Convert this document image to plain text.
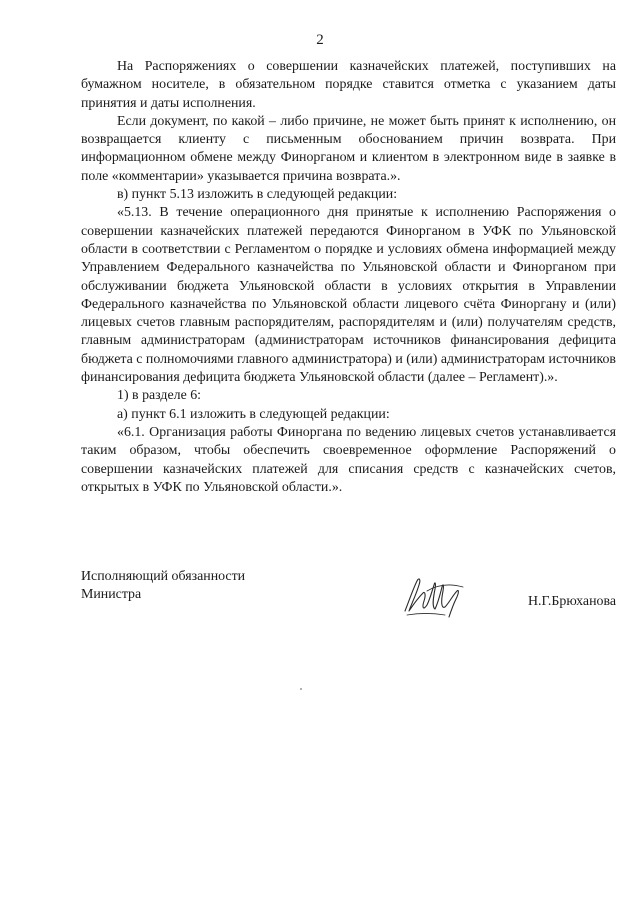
2

На Распоряжениях о совершении казначейских платежей, поступивших на бумажном носителе, в обязательном порядке ставится отметка с указанием даты принятия и даты исполнения.

Если документ, по какой – либо причине, не может быть принят к исполнению, он возвращается клиенту с письменным обоснованием причин возврата. При информационном обмене между Финорганом и клиентом в электронном виде в заявке в поле «комментарии» указывается причина возврата.».

в) пункт 5.13 изложить в следующей редакции:

«5.13. В течение операционного дня принятые к исполнению Распоряжения о совершении казначейских платежей передаются Финорганом в УФК по Ульяновской области в соответствии с Регламентом о порядке и условиях обмена информацией между Управлением Федерального казначейства по Ульяновской области и Финорганом при обслуживании бюджета Ульяновской области в условиях открытия в Управлении Федерального казначейства по Ульяновской области лицевого счёта Финоргану и (или) лицевых счетов главным распорядителям, распорядителям и (или) получателям средств, главным администраторам (администраторам источников финансирования дефицита бюджета с полномочиями главного администратора) и (или) администраторам источников финансирования дефицита бюджета Ульяновской области (далее – Регламент).».

1) в разделе 6:

а) пункт 6.1 изложить в следующей редакции:

«6.1. Организация работы Финоргана по ведению лицевых счетов устанавливается таким образом, чтобы обеспечить своевременное оформление Распоряжений о совершении казначейских платежей для списания средств с казначейских счетов, открытых в УФК по Ульяновской области.».

Исполняющий обязанности
Министра	Н.Г.Брюханова
